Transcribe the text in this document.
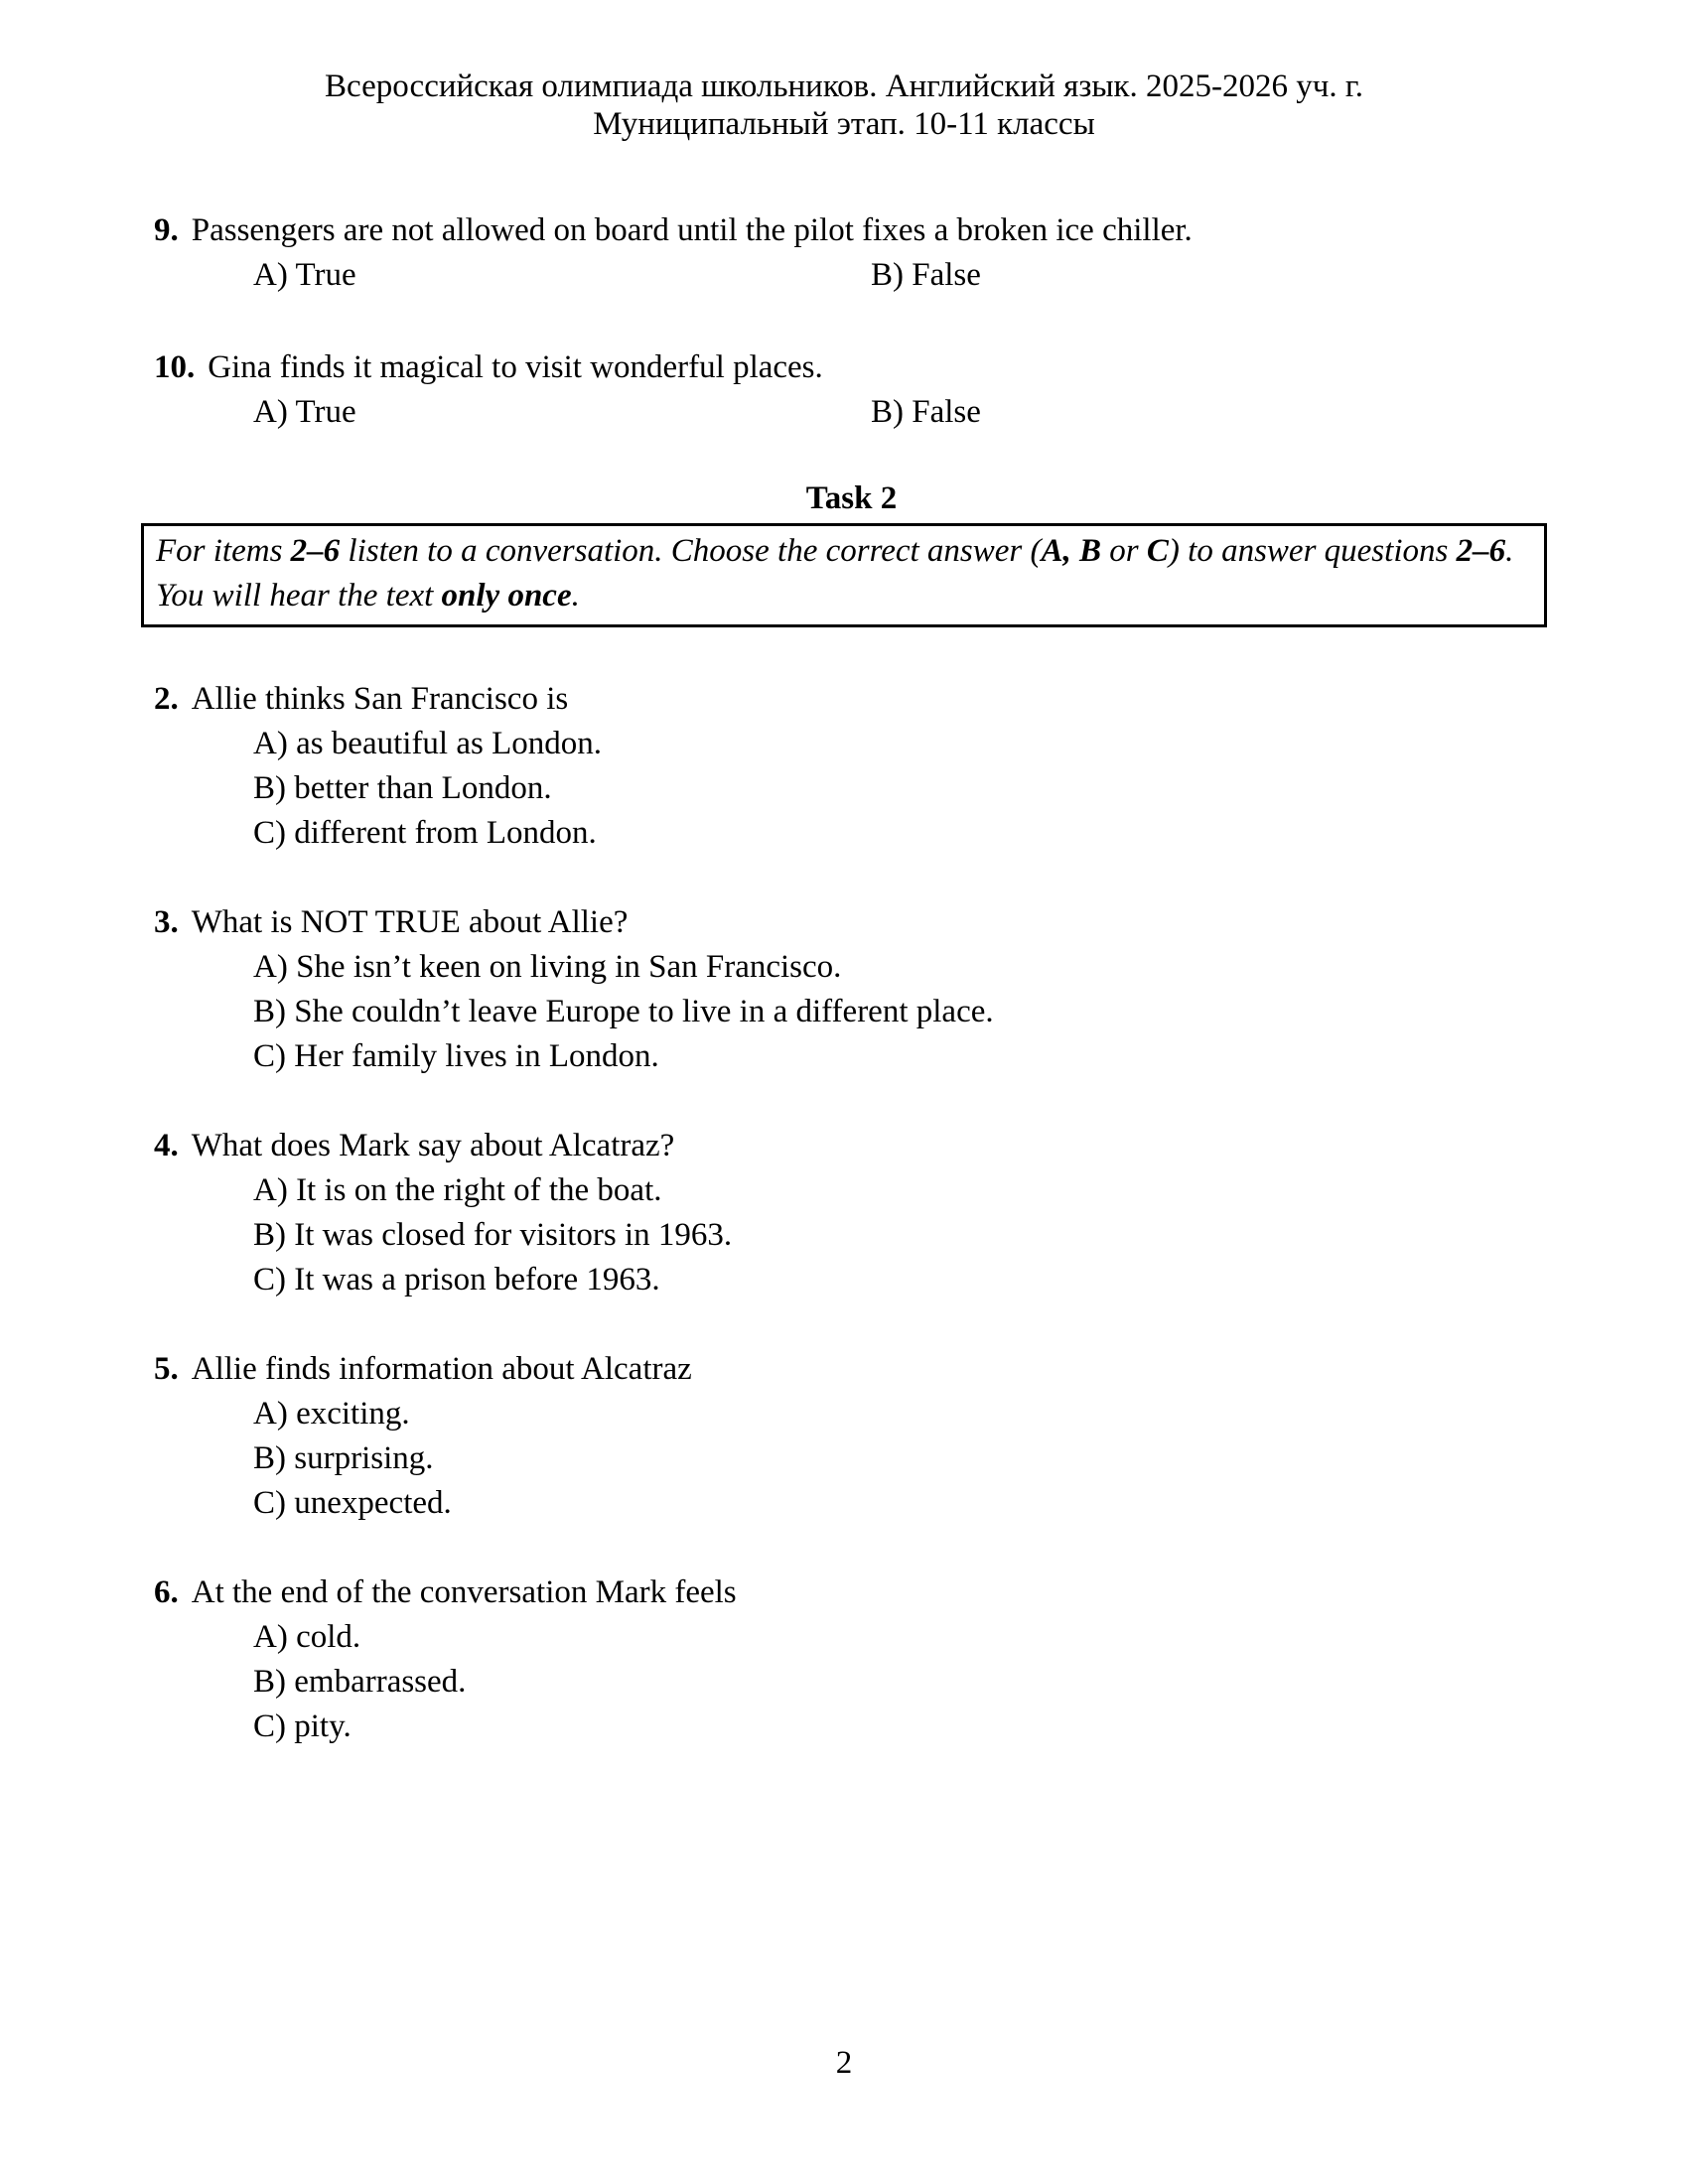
Всероссийская олимпиада школьников. Английский язык. 2025-2026 уч. г.
Муниципальный этап. 10-11 классы
9. Passengers are not allowed on board until the pilot fixes a broken ice chiller.
A) True	B) False
10. Gina finds it magical to visit wonderful places.
A) True	B) False
Task 2
For items 2–6 listen to a conversation. Choose the correct answer (A, B or C) to answer questions 2–6. You will hear the text only once.
2. Allie thinks San Francisco is
A) as beautiful as London.
B) better than London.
C) different from London.
3. What is NOT TRUE about Allie?
A) She isn’t keen on living in San Francisco.
B) She couldn’t leave Europe to live in a different place.
C) Her family lives in London.
4. What does Mark say about Alcatraz?
A) It is on the right of the boat.
B) It was closed for visitors in 1963.
C) It was a prison before 1963.
5. Allie finds information about Alcatraz
A) exciting.
B) surprising.
C) unexpected.
6. At the end of the conversation Mark feels
A) cold.
B) embarrassed.
C) pity.
2
